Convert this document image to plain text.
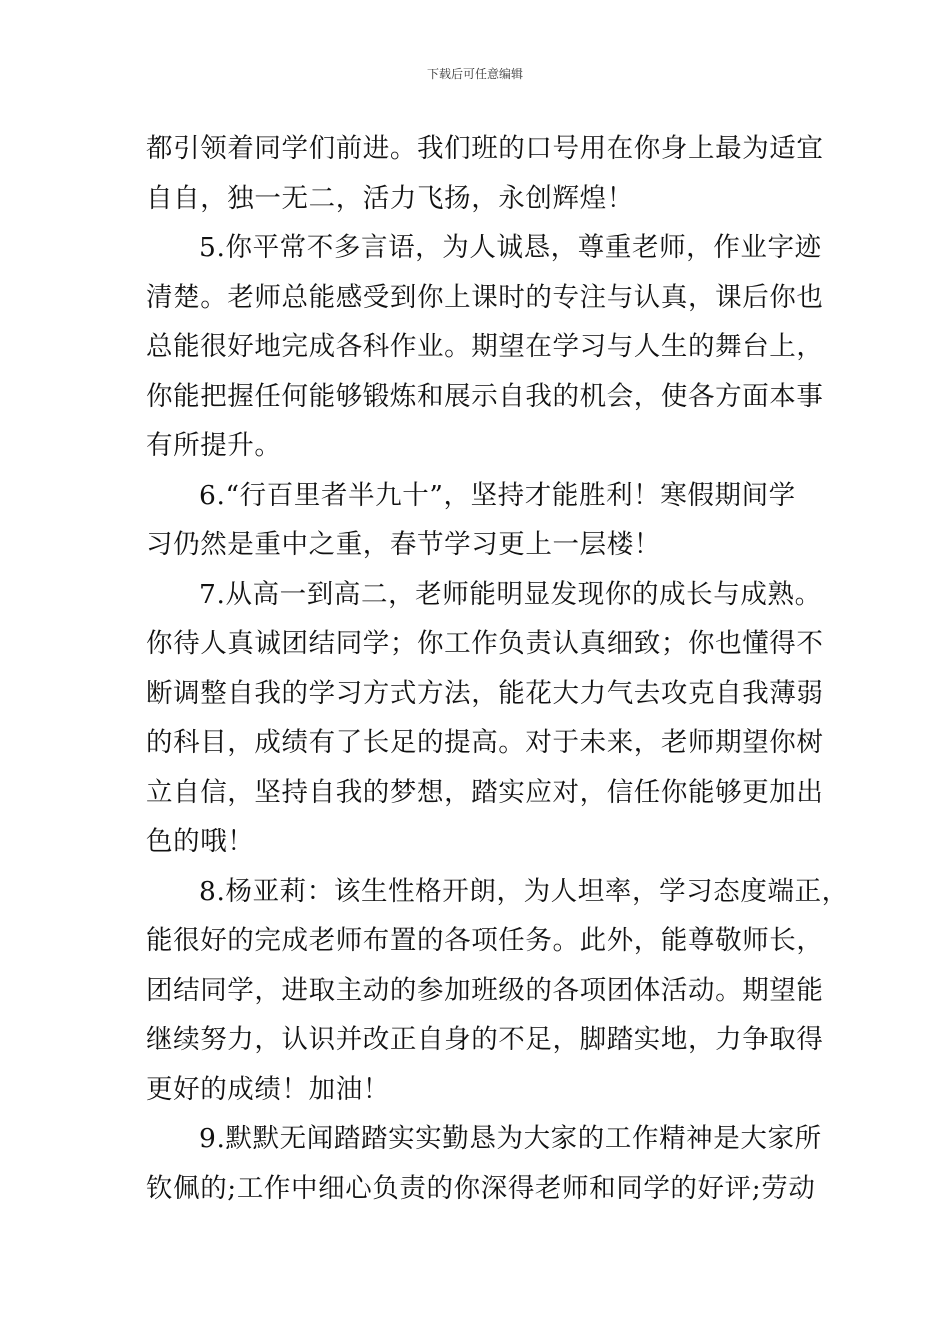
下载后可任意编辑
都引领着同学们前进。我们班的口号用在你身上最为适宜
自自，独一无二，活力飞扬，永创辉煌！
5.你平常不多言语，为人诚恳，尊重老师，作业字迹
清楚。老师总能感受到你上课时的专注与认真，课后你也
总能很好地完成各科作业。期望在学习与人生的舞台上，
你能把握任何能够锻炼和展示自我的机会，使各方面本事
有所提升。
6.“行百里者半九十”，坚持才能胜利！寒假期间学
习仍然是重中之重，春节学习更上一层楼！
7.从高一到高二，老师能明显发现你的成长与成熟。
你待人真诚团结同学；你工作负责认真细致；你也懂得不
断调整自我的学习方式方法，能花大力气去攻克自我薄弱
的科目，成绩有了长足的提高。对于未来，老师期望你树
立自信，坚持自我的梦想，踏实应对，信任你能够更加出
色的哦！
8.杨亚莉：该生性格开朗，为人坦率，学习态度端正，
能很好的完成老师布置的各项任务。此外，能尊敬师长，
团结同学，进取主动的参加班级的各项团体活动。期望能
继续努力，认识并改正自身的不足，脚踏实地，力争取得
更好的成绩！加油！
9.默默无闻踏踏实实勤恳为大家的工作精神是大家所
钦佩的;工作中细心负责的你深得老师和同学的好评;劳动
